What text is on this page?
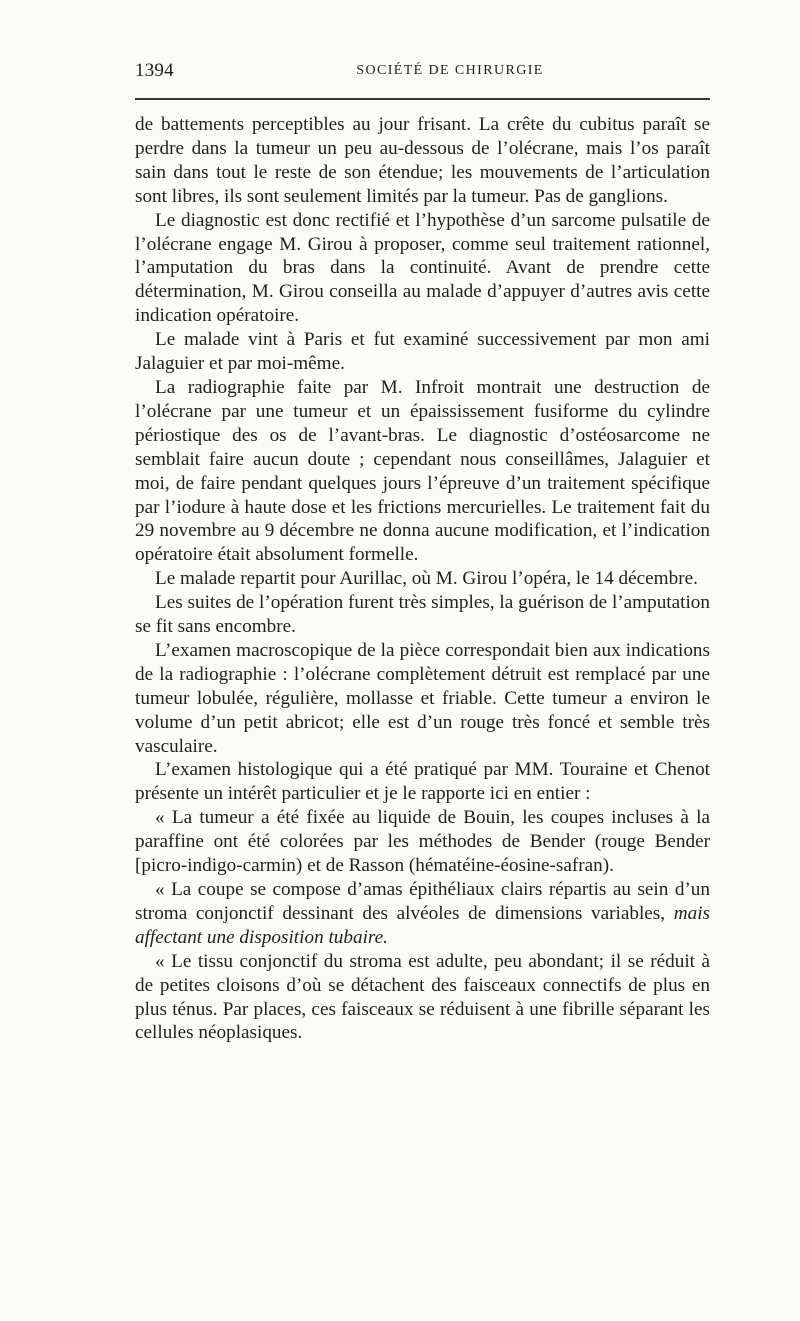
1394	SOCIÉTÉ DE CHIRURGIE

de battements perceptibles au jour frisant. La crête du cubitus paraît se perdre dans la tumeur un peu au-dessous de l’olécrane, mais l’os paraît sain dans tout le reste de son étendue; les mouvements de l’articulation sont libres, ils sont seulement limités par la tumeur. Pas de ganglions.

Le diagnostic est donc rectifié et l’hypothèse d’un sarcome pulsatile de l’olécrane engage M. Girou à proposer, comme seul traitement rationnel, l’amputation du bras dans la continuité. Avant de prendre cette détermination, M. Girou conseilla au malade d’appuyer d’autres avis cette indication opératoire.

Le malade vint à Paris et fut examiné successivement par mon ami Jalaguier et par moi-même.

La radiographie faite par M. Infroit montrait une destruction de l’olécrane par une tumeur et un épaississement fusiforme du cylindre périostique des os de l’avant-bras. Le diagnostic d’ostéosarcome ne semblait faire aucun doute ; cependant nous conseillâmes, Jalaguier et moi, de faire pendant quelques jours l’épreuve d’un traitement spécifique par l’iodure à haute dose et les frictions mercurielles. Le traitement fait du 29 novembre au 9 décembre ne donna aucune modification, et l’indication opératoire était absolument formelle.

Le malade repartit pour Aurillac, où M. Girou l’opéra, le 14 décembre.

Les suites de l’opération furent très simples, la guérison de l’amputation se fit sans encombre.

L’examen macroscopique de la pièce correspondait bien aux indications de la radiographie : l’olécrane complètement détruit est remplacé par une tumeur lobulée, régulière, mollasse et friable. Cette tumeur a environ le volume d’un petit abricot; elle est d’un rouge très foncé et semble très vasculaire.

L’examen histologique qui a été pratiqué par MM. Touraine et Chenot présente un intérêt particulier et je le rapporte ici en entier :

« La tumeur a été fixée au liquide de Bouin, les coupes incluses à la paraffine ont été colorées par les méthodes de Bender (rouge Bender [picro-indigo-carmin) et de Rasson (hématéine-éosine-safran).

« La coupe se compose d’amas épithéliaux clairs répartis au sein d’un stroma conjonctif dessinant des alvéoles de dimensions variables, mais affectant une disposition tubaire.

« Le tissu conjonctif du stroma est adulte, peu abondant; il se réduit à de petites cloisons d’où se détachent des faisceaux connectifs de plus en plus ténus. Par places, ces faisceaux se réduisent à une fibrille séparant les cellules néoplasiques.
